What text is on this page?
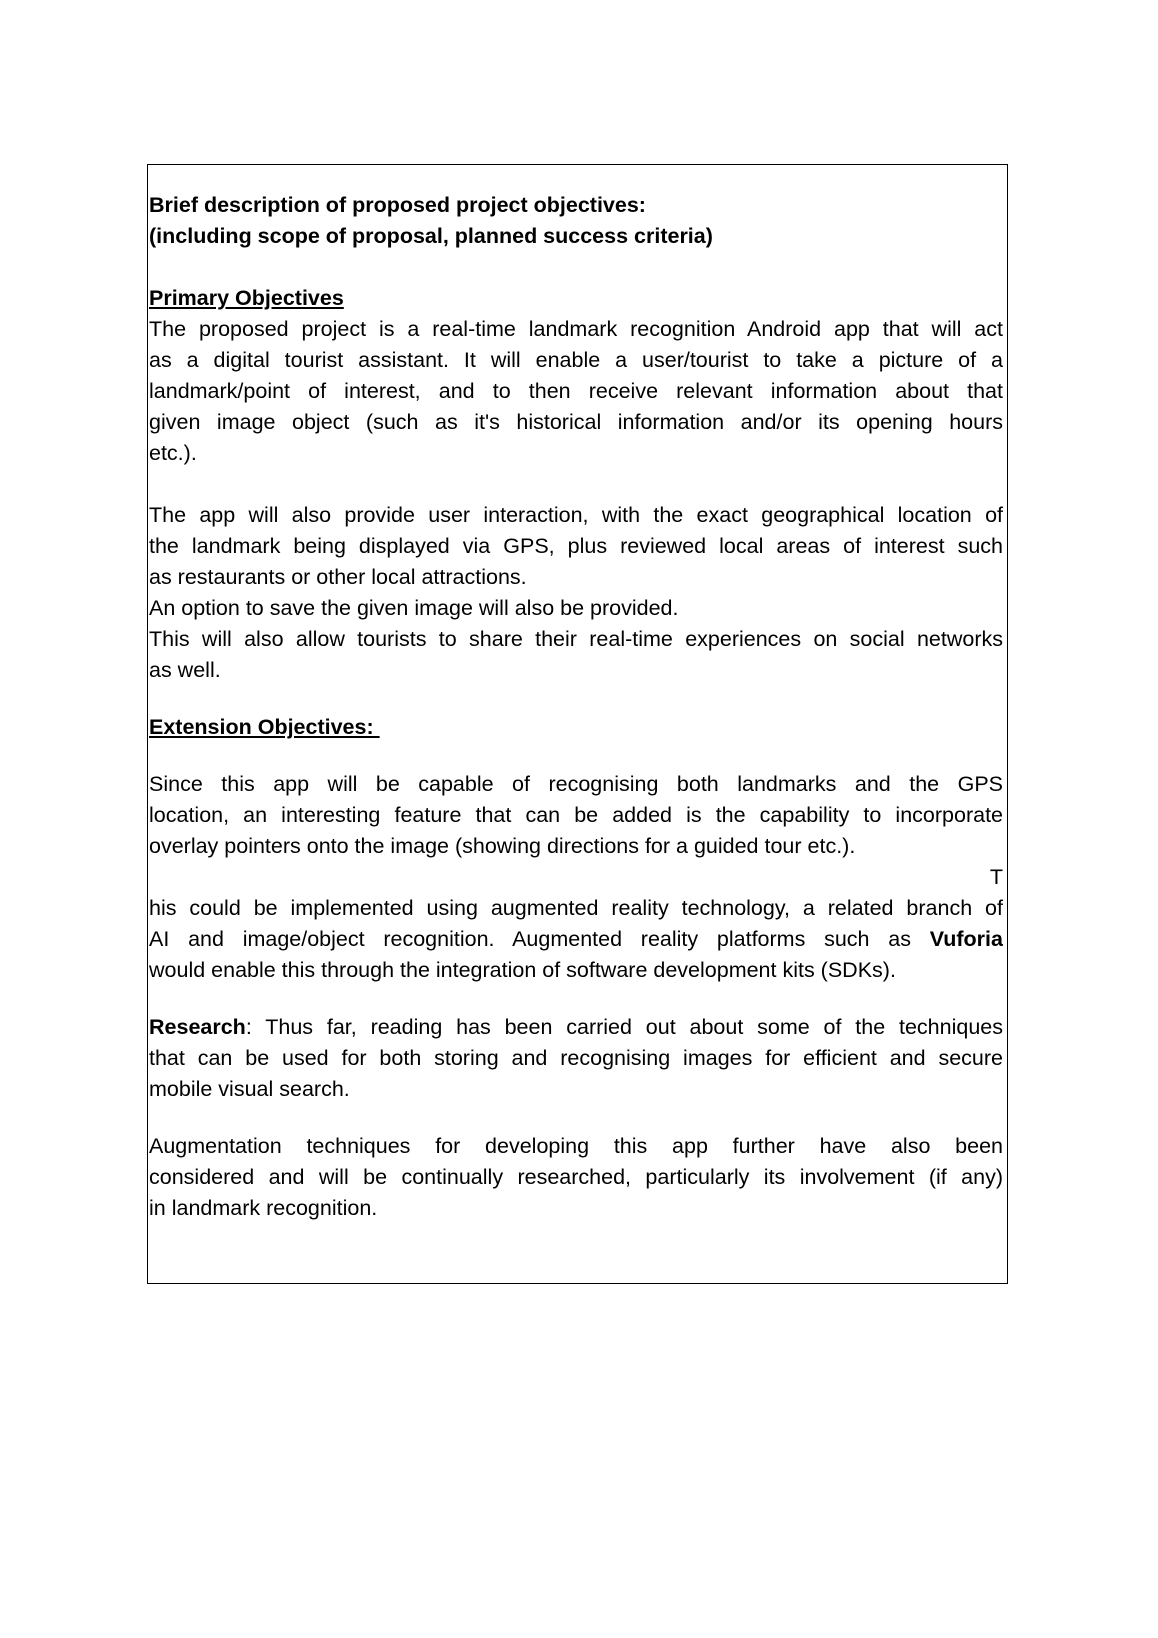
Brief description of proposed project objectives:
(including scope of proposal, planned success criteria)
Primary Objectives
The proposed project is a real-time landmark recognition Android app that will act
as a digital tourist assistant. It will enable a user/tourist to take a picture of a
landmark/point of interest, and to then receive relevant information about that
given image object (such as it's historical information and/or its opening hours
etc.).
The app will also provide user interaction, with the exact geographical location of
the landmark being displayed via GPS, plus reviewed local areas of interest such
as restaurants or other local attractions.
An option to save the given image will also be provided.
This will also allow tourists to share their real-time experiences on social networks
as well.
Extension Objectives:
Since this app will be capable of recognising both landmarks and the GPS
location, an interesting feature that can be added is the capability to incorporate
overlay pointers onto the image (showing directions for a guided tour etc.).
T
his could be implemented using augmented reality technology, a related branch of
AI and image/object recognition. Augmented reality platforms such as Vuforia
would enable this through the integration of software development kits (SDKs).
Research: Thus far, reading has been carried out about some of the techniques
that can be used for both storing and recognising images for efficient and secure
mobile visual search.
Augmentation techniques for developing this app further have also been
considered and will be continually researched, particularly its involvement (if any)
in landmark recognition.
